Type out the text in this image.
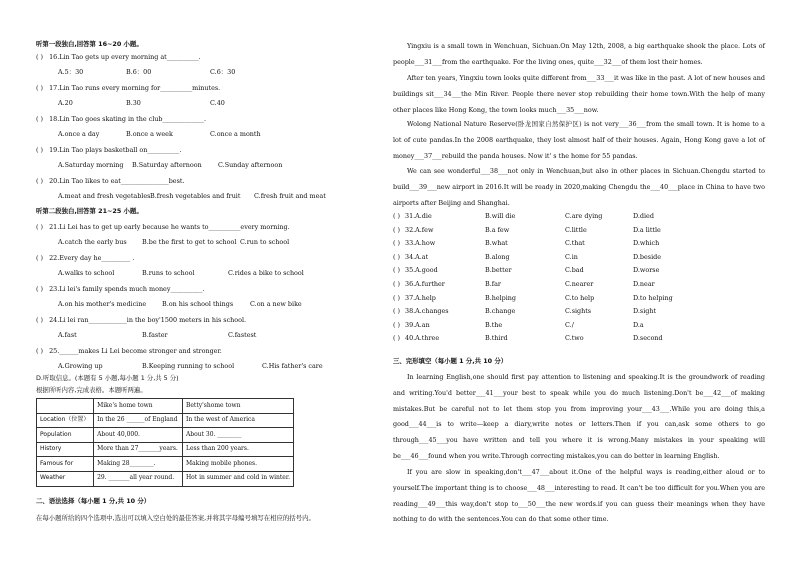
听第一段独白,回答第 16~20 小题。
( ) 16.Lin Tao gets up every morning at__________.
A.5：30	B.6：00	C.6：30
( ) 17.Lin Tao runs every morning for__________minutes.
A.20	B.30	C.40
( ) 18.Lin Tao goes skating in the club_____________.
A.once a day	B.once a week	C.once a month
( ) 19.Lin Tao plays basketball on__________.
A.Saturday morning B.Saturday afternoon	C.Sunday afternoon
( ) 20.Lin Tao likes to eat_______________best.
A.meat and fresh vegetables B.fresh vegetables and fruit C.fresh fruit and meat
听第二段独白,回答第 21~25 小题。
( ) 21.Li Lei has to get up early because he wants to__________every morning.
A.catch the early bus B.be the first to get to school C.run to school
( ) 22.Every day he_________ .
A.walks to school	B.runs to school	C.rides a bike to school
( ) 23.Li lei's family spends much money__________.
A.on his mother's medicine B.on his school things	C.on a new bike
( ) 24.Li lei ran____________in the boy'1500 meters in his school.
A.fast	B.faster	C.fastest
( ) 25.______makes Li Lei become stronger and stronger.
A.Growing up	B.Keeping running to school	C.His father's care
D.听取信息。(本题有 5 小题,每小题 1 分,共 5 分)
根据所听内容,完成表格。本题听两遍。
	Mike's home town	Betty'shome town
Location（位置）	In the 26 ______of England	In the west of America
Population	About 40,000.	About 30. ________
History	More than 27_______years.	Less than 200 years.
Famous for	Making 28________.	Making mobile phones.
Weather	29. _______all year round.	Hot in summer and cold in winter.
二、语法选择（每小题 1 分,共 10 分）
在每小题所给的四个选项中,选出可以填入空白处的最佳答案,并将其字母编号填写在相应的括号内。
Yingxiu is a small town in Wenchuan, Sichuan.On May 12th, 2008, a big earthquake shook the place. Lots of people___31___from the earthquake. For the living ones, quite___32___of them lost their homes.
After ten years, Yingxiu town looks quite different from___33___it was like in the past. A lot of new houses and buildings sit___34___the Min River. People there never stop rebuilding their home town.With the help of many other places like Hong Kong, the town looks much___35___now.
Wolong National Nature Reserve(卧龙国家自然保护区) is not very___36___from the small town. It is home to a lot of cute pandas.In the 2008 earthquake, they lost almost half of their houses. Again, Hong Kong gave a lot of money___37___rebuild the panda houses. Now it' s the home for 55 pandas.
We can see wonderful___38___not only in Wenchuan,but also in other places in Sichuan.Chengdu started to build___39___new airport in 2016.It will be ready in 2020,making Chengdu the___40___place in China to have two airports after Beijing and Shanghai.
( ) 31.A.die	B.will die	C.are dying	D.died
( ) 32.A.few	B.a few	C.little	D.a little
( ) 33.A.how	B.what	C.that	D.which
( ) 34.A.at	B.along	C.in	D.beside
( ) 35.A.good	B.better	C.bad	D.worse
( ) 36.A.further	B.far	C.nearer	D.near
( ) 37.A.help	B.helping	C.to help	D.to helping
( ) 38.A.changes	B.change	C.sights	D.sight
( ) 39.A.an	B.the	C./	D.a
( ) 40.A.three	B.third	C.two	D.second
三、完形填空（每小题 1 分,共 10 分）
In learning English,one should first pay attention to listening and speaking.It is the groundwork of reading and writing.You'd better___41___your best to speak while you do much listening.Don't be___42___of making mistakes.But be careful not to let them stop you from improving your___43___.While you are doing this,a good___44___is to write—keep a diary,write notes or letters.Then if you can,ask some others to go through___45___you have written and tell you where it is wrong.Many mistakes in your speaking will be___46___found when you write.Through correcting mistakes,you can do better in learning English.
If you are slow in speaking,don't___47___about it.One of the helpful ways is reading,either aloud or to yourself.The important thing is to choose___48___interesting to read. It can't be too difficult for you.When you are reading___49___this way,don't stop to___50___the new words.if you can guess their meanings when they have nothing to do with the sentences.You can do that some other time.
